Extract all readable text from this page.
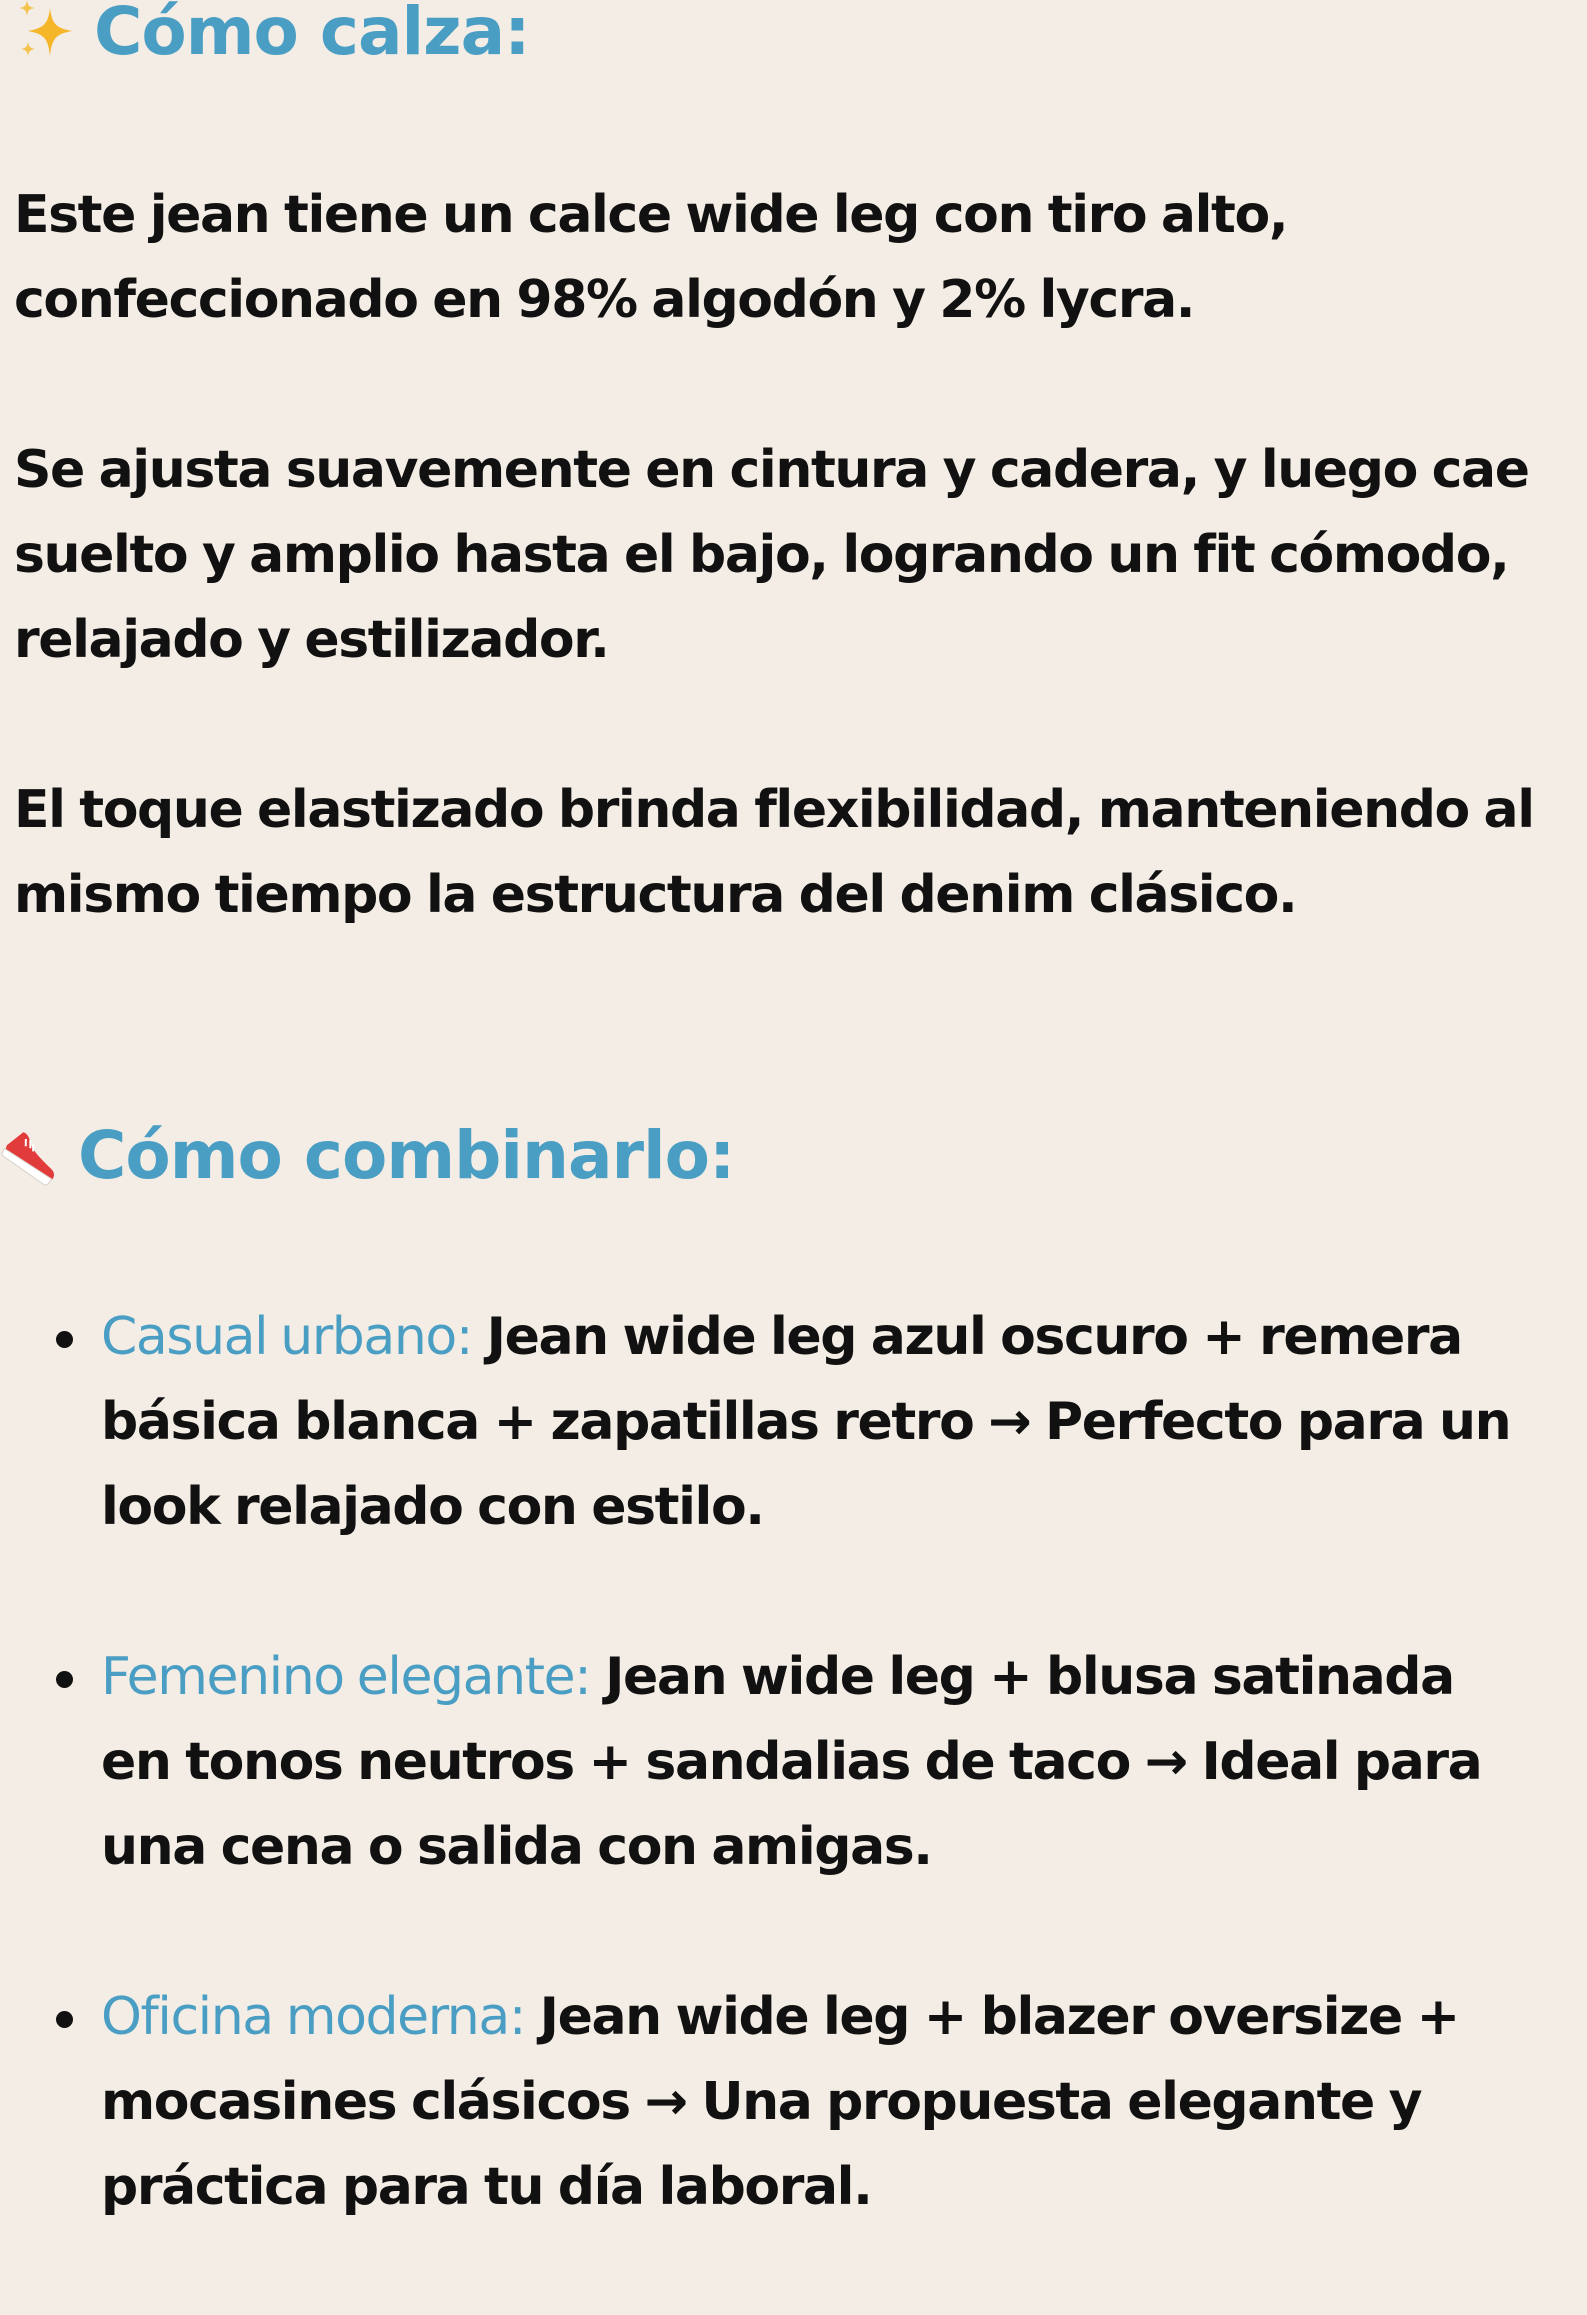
Cómo calza:

Este jean tiene un calce wide leg con tiro alto,
confeccionado en 98% algodón y 2% lycra.

Se ajusta suavemente en cintura y cadera, y luego cae
suelto y amplio hasta el bajo, logrando un fit cómodo,
relajado y estilizador.

El toque elastizado brinda flexibilidad, manteniendo al
mismo tiempo la estructura del denim clásico.

Cómo combinarlo:
Casual urbano: Jean wide leg azul oscuro + remera
básica blanca + zapatillas retro → Perfecto para un
look relajado con estilo.
Femenino elegante: Jean wide leg + blusa satinada
en tonos neutros + sandalias de taco → Ideal para
una cena o salida con amigas.
Oficina moderna: Jean wide leg + blazer oversize +
mocasines clásicos → Una propuesta elegante y
práctica para tu día laboral.
